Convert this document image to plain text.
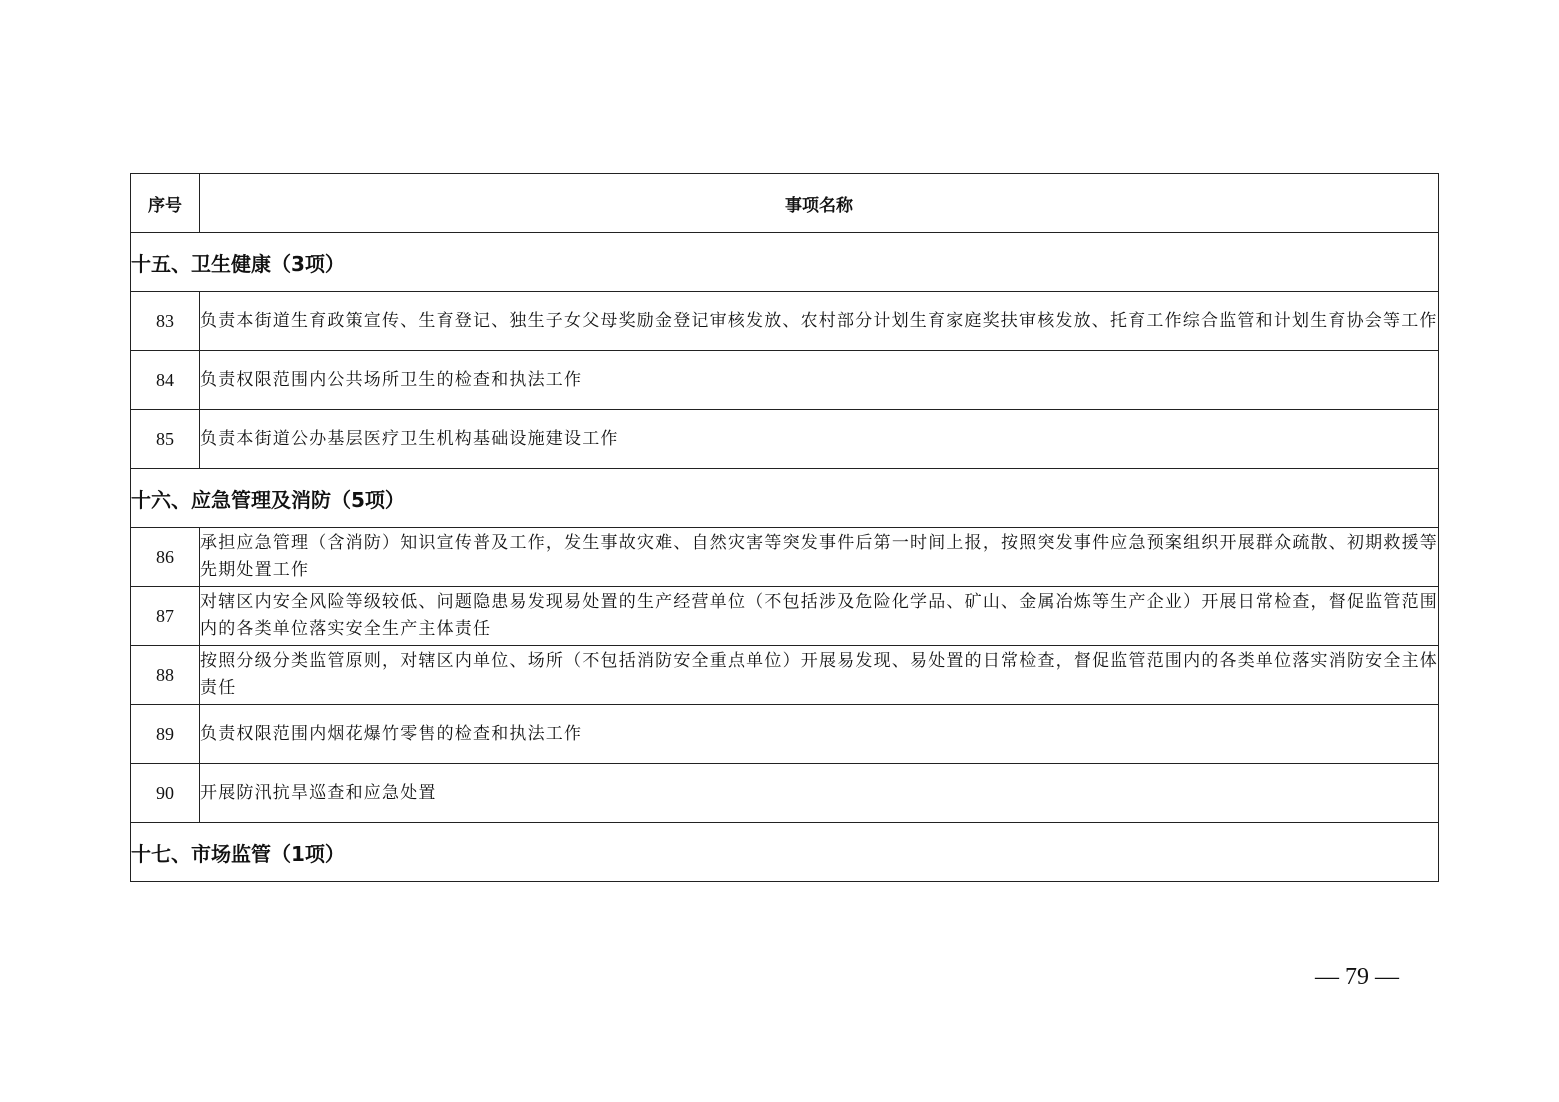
序号	事项名称
十五、卫生健康（3项）	
83	负责本街道生育政策宣传、生育登记、独生子女父母奖励金登记审核发放、农村部分计划生育家庭奖扶审核发放、托育工作综合监管和计划生育协会等工作
84	负责权限范围内公共场所卫生的检查和执法工作
85	负责本街道公办基层医疗卫生机构基础设施建设工作
十六、应急管理及消防（5项）	
86	承担应急管理（含消防）知识宣传普及工作，发生事故灾难、自然灾害等突发事件后第一时间上报，按照突发事件应急预案组织开展群众疏散、初期救援等先期处置工作
87	对辖区内安全风险等级较低、问题隐患易发现易处置的生产经营单位（不包括涉及危险化学品、矿山、金属冶炼等生产企业）开展日常检查，督促监管范围内的各类单位落实安全生产主体责任
88	按照分级分类监管原则，对辖区内单位、场所（不包括消防安全重点单位）开展易发现、易处置的日常检查，督促监管范围内的各类单位落实消防安全主体责任
89	负责权限范围内烟花爆竹零售的检查和执法工作
90	开展防汛抗旱巡查和应急处置
十七、市场监管（1项）	
— 79 —
